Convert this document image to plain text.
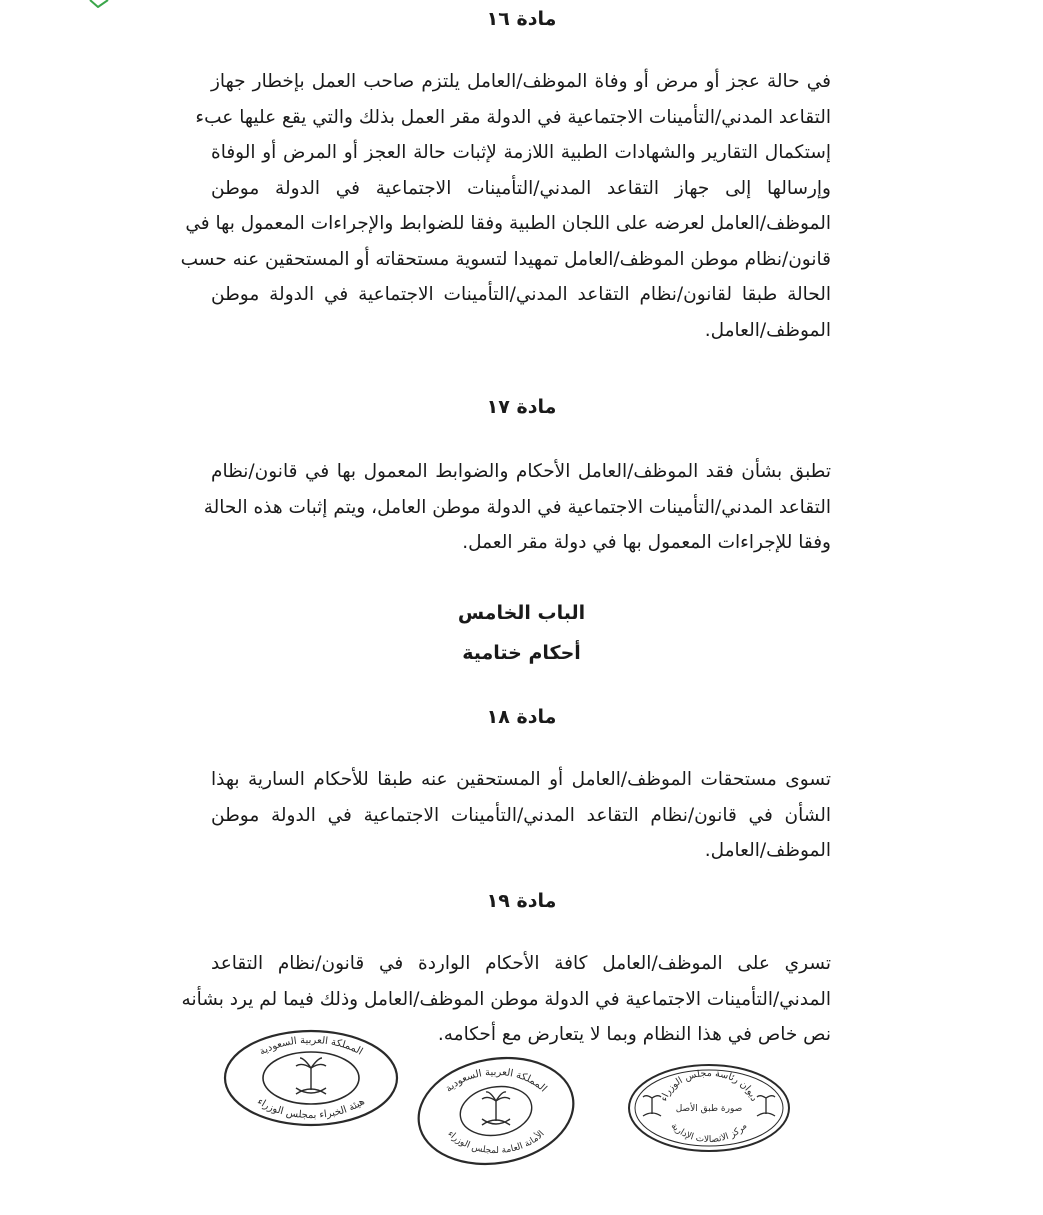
مادة ١٦
في حالة عجز أو مرض أو وفاة الموظف/العامل يلتزم صاحب العمل بإخطار جهاز
التقاعد المدني/التأمينات الاجتماعية في الدولة مقر العمل بذلك والتي يقع عليها عبء
إستكمال التقارير والشهادات الطبية اللازمة لإثبات حالة العجز أو المرض أو الوفاة
وإرسالها إلى جهاز التقاعد المدني/التأمينات الاجتماعية في الدولة موطن
الموظف/العامل لعرضه على اللجان الطبية وفقا للضوابط والإجراءات المعمول بها في
قانون/نظام موطن الموظف/العامل تمهيدا لتسوية مستحقاته أو المستحقين عنه حسب
الحالة طبقا لقانون/نظام التقاعد المدني/التأمينات الاجتماعية في الدولة موطن
الموظف/العامل.
مادة ١٧
تطبق بشأن فقد الموظف/العامل الأحكام والضوابط المعمول بها في قانون/نظام
التقاعد المدني/التأمينات الاجتماعية في الدولة موطن العامل، ويتم إثبات هذه الحالة
وفقا للإجراءات المعمول بها في دولة مقر العمل.
الباب الخامس
أحكام ختامية
مادة ١٨
تسوى مستحقات الموظف/العامل أو المستحقين عنه طبقا للأحكام السارية بهذا
الشأن في قانون/نظام التقاعد المدني/التأمينات الاجتماعية في الدولة موطن
الموظف/العامل.
مادة ١٩
تسري على الموظف/العامل كافة الأحكام الواردة في قانون/نظام التقاعد
المدني/التأمينات الاجتماعية في الدولة موطن الموظف/العامل وذلك فيما لم يرد بشأنه
نص خاص في هذا النظام وبما لا يتعارض مع أحكامه.
المملكة العربية السعودية
هيئة الخبراء بمجلس الوزراء
المملكة العربية السعودية
الأمانة العامة لمجلس الوزراء
ديوان رئاسة مجلس الوزراء
صورة طبق الأصل
مركز الاتصالات الإدارية
